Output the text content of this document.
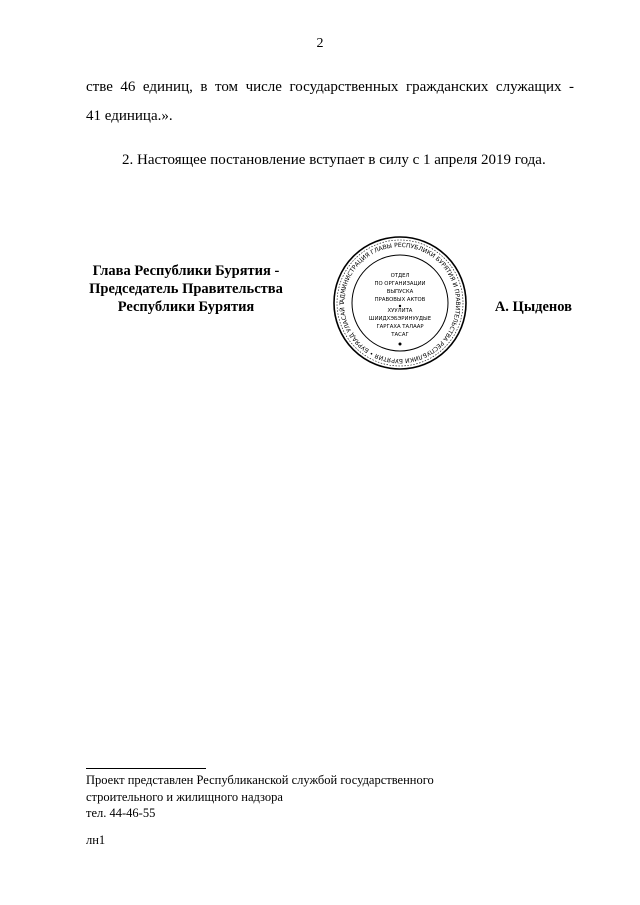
2
стве 46 единиц, в том числе государственных гражданских служащих -
41 единица.».
2. Настоящее постановление вступает в силу с 1 апреля 2019 года.
Глава Республики Бурятия -
Председатель Правительства
Республики Бурятия	АДМИНИСТРАЦИЯ ГЛАВЫ РЕСПУБЛИКИ БУРЯТИЯ И ПРАВИТЕЛЬСТВА РЕСПУБЛИКИ БУРЯТИЯ • БУРЯАД УЛАСАЙ Т
ОТДЕЛ
ПО ОРГАНИЗАЦИИ
ВЫПУСКА
ПРАВОВЫХ АКТОВ
ХУУЛИТА
ШИИДХЭБЭРИНУУДЫЕ
ГАРГАХА ТАЛААР
ТАСАГ
А. Цыденов
Проект представлен Республиканской службой государственного
строительного и жилищного надзора
тел. 44-46-55
лн1
